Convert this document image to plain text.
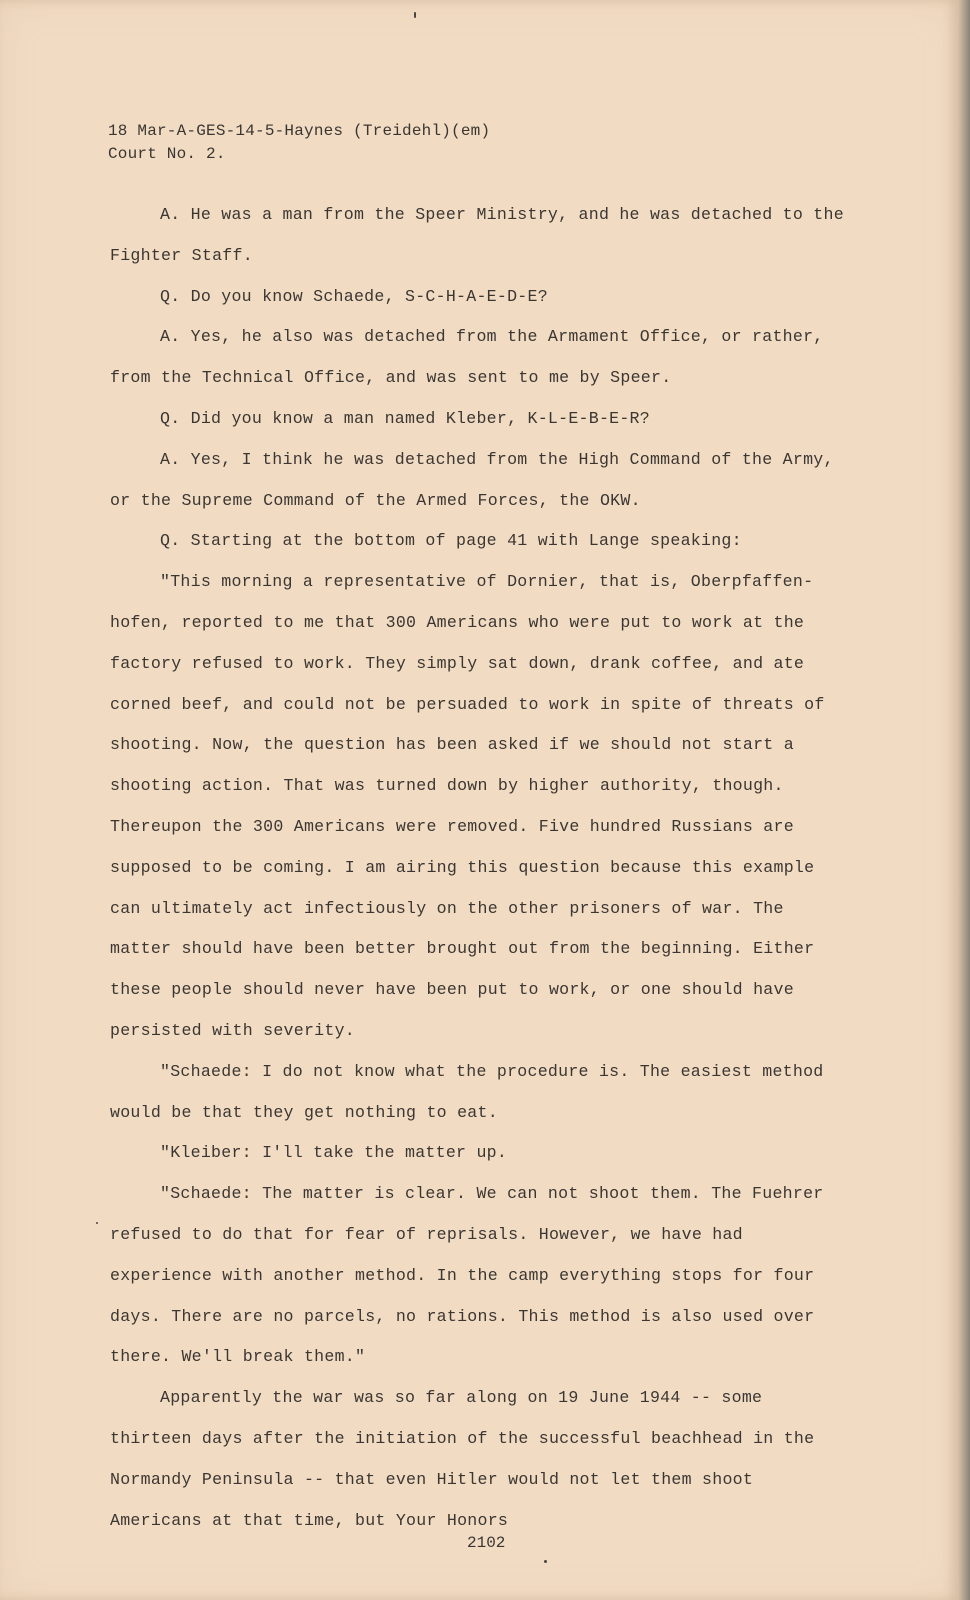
18 Mar-A-GES-14-5-Haynes (Treidehl)(em)
Court No. 2.

A. He was a man from the Speer Ministry, and he was detached to the Fighter Staff.

Q. Do you know Schaede, S-C-H-A-E-D-E?

A. Yes, he also was detached from the Armament Office, or rather, from the Technical Office, and was sent to me by Speer.

Q. Did you know a man named Kleber, K-L-E-B-E-R?

A. Yes, I think he was detached from the High Command of the Army, or the Supreme Command of the Armed Forces, the OKW.

Q. Starting at the bottom of page 41 with Lange speaking:

"This morning a representative of Dornier, that is, Oberpfaffen-hofen, reported to me that 300 Americans who were put to work at the factory refused to work. They simply sat down, drank coffee, and ate corned beef, and could not be persuaded to work in spite of threats of shooting. Now, the question has been asked if we should not start a shooting action. That was turned down by higher authority, though. Thereupon the 300 Americans were removed. Five hundred Russians are supposed to be coming. I am airing this question because this example can ultimately act infectiously on the other prisoners of war. The matter should have been better brought out from the beginning. Either these people should never have been put to work, or one should have persisted with severity.

"Schaede: I do not know what the procedure is. The easiest method would be that they get nothing to eat.

"Kleiber: I'll take the matter up.

"Schaede: The matter is clear. We can not shoot them. The Fuehrer refused to do that for fear of reprisals. However, we have had experience with another method. In the camp everything stops for four days. There are no parcels, no rations. This method is also used over there. We'll break them."

Apparently the war was so far along on 19 June 1944 -- some thirteen days after the initiation of the successful beachhead in the Normandy Peninsula -- that even Hitler would not let them shoot Americans at that time, but Your Honors

2102
